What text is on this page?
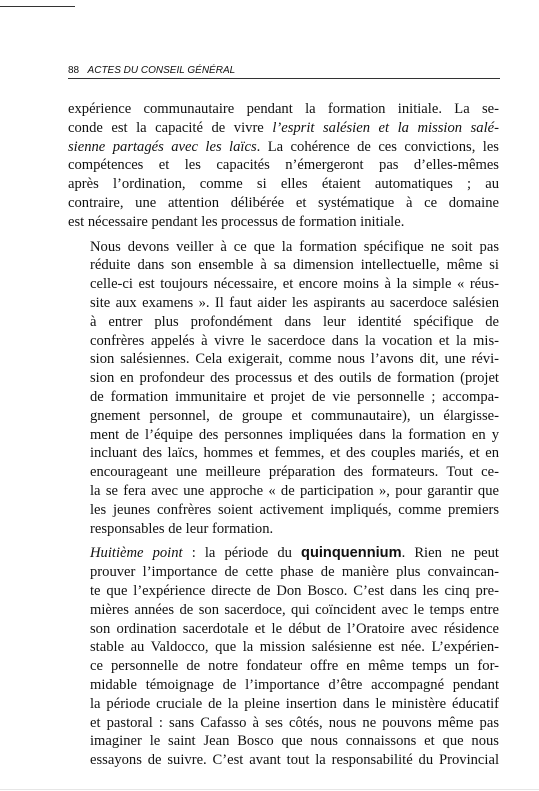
88 ACTES DU CONSEIL GÉNÉRAL

expérience communautaire pendant la formation initiale. La se-
conde est la capacité de vivre l’esprit salésien et la mission salé-
sienne partagés avec les laïcs. La cohérence de ces convictions, les
compétences et les capacités n’émergeront pas d’elles-mêmes
après l’ordination, comme si elles étaient automatiques ; au
contraire, une attention délibérée et systématique à ce domaine
est nécessaire pendant les processus de formation initiale.

Nous devons veiller à ce que la formation spécifique ne soit pas
réduite dans son ensemble à sa dimension intellectuelle, même si
celle-ci est toujours nécessaire, et encore moins à la simple « réus-
site aux examens ». Il faut aider les aspirants au sacerdoce salésien
à entrer plus profondément dans leur identité spécifique de
confrères appelés à vivre le sacerdoce dans la vocation et la mis-
sion salésiennes. Cela exigerait, comme nous l’avons dit, une révi-
sion en profondeur des processus et des outils de formation (projet
de formation immunitaire et projet de vie personnelle ; accompa-
gnement personnel, de groupe et communautaire), un élargisse-
ment de l’équipe des personnes impliquées dans la formation en y
incluant des laïcs, hommes et femmes, et des couples mariés, et en
encourageant une meilleure préparation des formateurs. Tout ce-
la se fera avec une approche « de participation », pour garantir que
les jeunes confrères soient activement impliqués, comme premiers
responsables de leur formation.

Huitième point : la période du quinquennium. Rien ne peut
prouver l’importance de cette phase de manière plus convaincan-
te que l’expérience directe de Don Bosco. C’est dans les cinq pre-
mières années de son sacerdoce, qui coïncident avec le temps entre
son ordination sacerdotale et le début de l’Oratoire avec résidence
stable au Valdocco, que la mission salésienne est née. L’expérien-
ce personnelle de notre fondateur offre en même temps un for-
midable témoignage de l’importance d’être accompagné pendant
la période cruciale de la pleine insertion dans le ministère éducatif
et pastoral : sans Cafasso à ses côtés, nous ne pouvons même pas
imaginer le saint Jean Bosco que nous connaissons et que nous
essayons de suivre. C’est avant tout la responsabilité du Provincial
